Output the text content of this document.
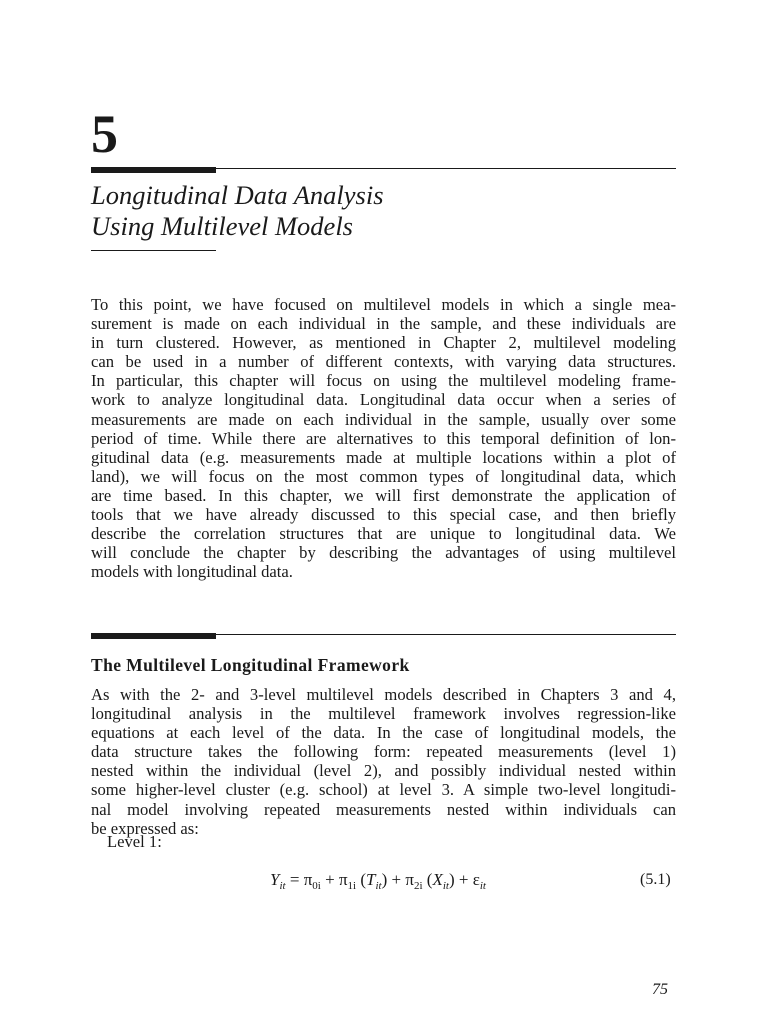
5
Longitudinal Data Analysis
Using Multilevel Models
To this point, we have focused on multilevel models in which a single mea-
surement is made on each individual in the sample, and these individuals are
in turn clustered. However, as mentioned in Chapter 2, multilevel modeling
can be used in a number of different contexts, with varying data structures.
In particular, this chapter will focus on using the multilevel modeling frame-
work to analyze longitudinal data. Longitudinal data occur when a series of
measurements are made on each individual in the sample, usually over some
period of time. While there are alternatives to this temporal definition of lon-
gitudinal data (e.g. measurements made at multiple locations within a plot of
land), we will focus on the most common types of longitudinal data, which
are time based. In this chapter, we will first demonstrate the application of
tools that we have already discussed to this special case, and then briefly
describe the correlation structures that are unique to longitudinal data. We
will conclude the chapter by describing the advantages of using multilevel
models with longitudinal data.
The Multilevel Longitudinal Framework
As with the 2- and 3-level multilevel models described in Chapters 3 and 4,
longitudinal analysis in the multilevel framework involves regression-like
equations at each level of the data. In the case of longitudinal models, the
data structure takes the following form: repeated measurements (level 1)
nested within the individual (level 2), and possibly individual nested within
some higher-level cluster (e.g. school) at level 3. A simple two-level longitudi-
nal model involving repeated measurements nested within individuals can
be expressed as:
Level 1:
$Y_{it} = \pi_{0i} + \pi_{1i}$ $(T_{it}) + \pi_{2i}$ $(X_{it}) + \varepsilon_{it}$	(5.1)
75
